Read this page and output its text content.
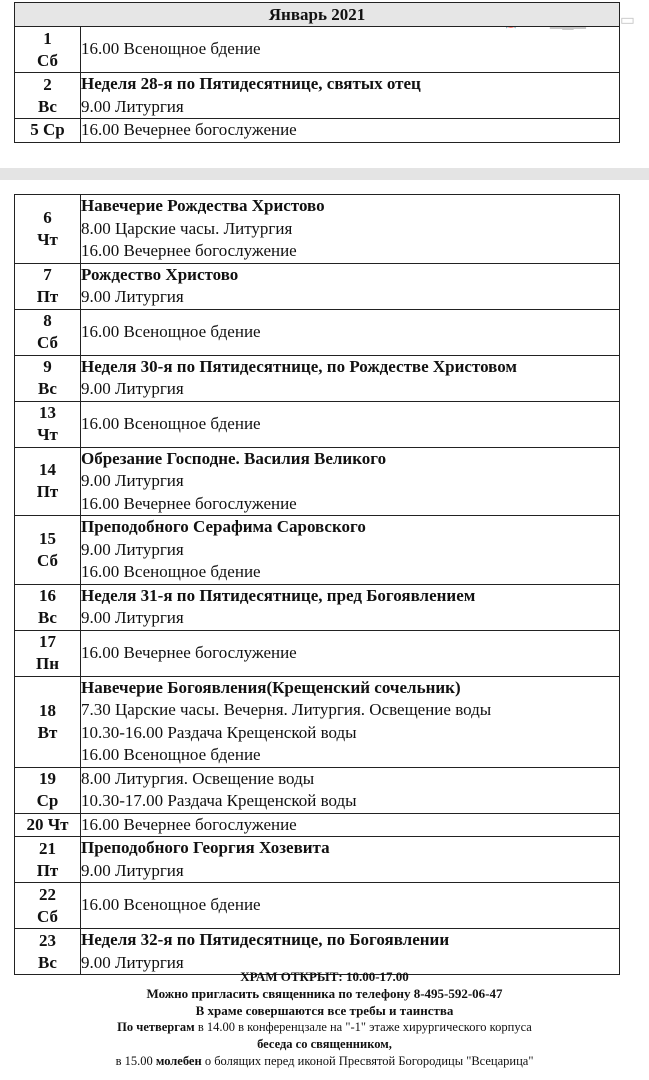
▭
Январь 2021
1
Сб	16.00 Всенощное бдение

2
Вс	Неделя 28-я по Пятидесятнице, святых отец
9.00 Литургия

5 Ср	16.00 Вечернее богослужение
6
Чт	Навечерие Рождества Христово
8.00 Царские часы. Литургия
16.00 Вечернее богослужение

7
Пт	Рождество Христово
9.00 Литургия

8
Сб	16.00 Всенощное бдение

9
Вс	Неделя 30-я по Пятидесятнице, по Рождестве Христовом
9.00 Литургия

13
Чт	16.00 Всенощное бдение

14
Пт	Обрезание Господне. Василия Великого
9.00 Литургия
16.00 Вечернее богослужение

15
Сб	Преподобного Серафима Саровского
9.00 Литургия
16.00 Всенощное бдение

16
Вс	Неделя 31-я по Пятидесятнице, пред Богоявлением
9.00 Литургия

17
Пн	16.00 Вечернее богослужение

18
Вт	Навечерие Богоявления(Крещенский сочельник)
7.30 Царские часы. Вечерня. Литургия. Освещение воды
10.30-16.00 Раздача Крещенской воды
16.00 Всенощное бдение

19
Ср	8.00 Литургия. Освещение воды
10.30-17.00 Раздача Крещенской воды

20 Чт	16.00 Вечернее богослужение

21
Пт	Преподобного Георгия Хозевита
9.00 Литургия

22
Сб	16.00 Всенощное бдение

23
Вс	Неделя 32-я по Пятидесятнице, по Богоявлении
9.00 Литургия
ХРАМ ОТКРЫТ: 10.00-17.00
Можно пригласить священника по телефону 8-495-592-06-47
В храме совершаются все требы и таинства
По четвергам в 14.00 в конференцзале на "-1" этаже хирургического корпуса
беседа со священником,
в 15.00 молебен о болящих перед иконой Пресвятой Богородицы "Всецарица"
